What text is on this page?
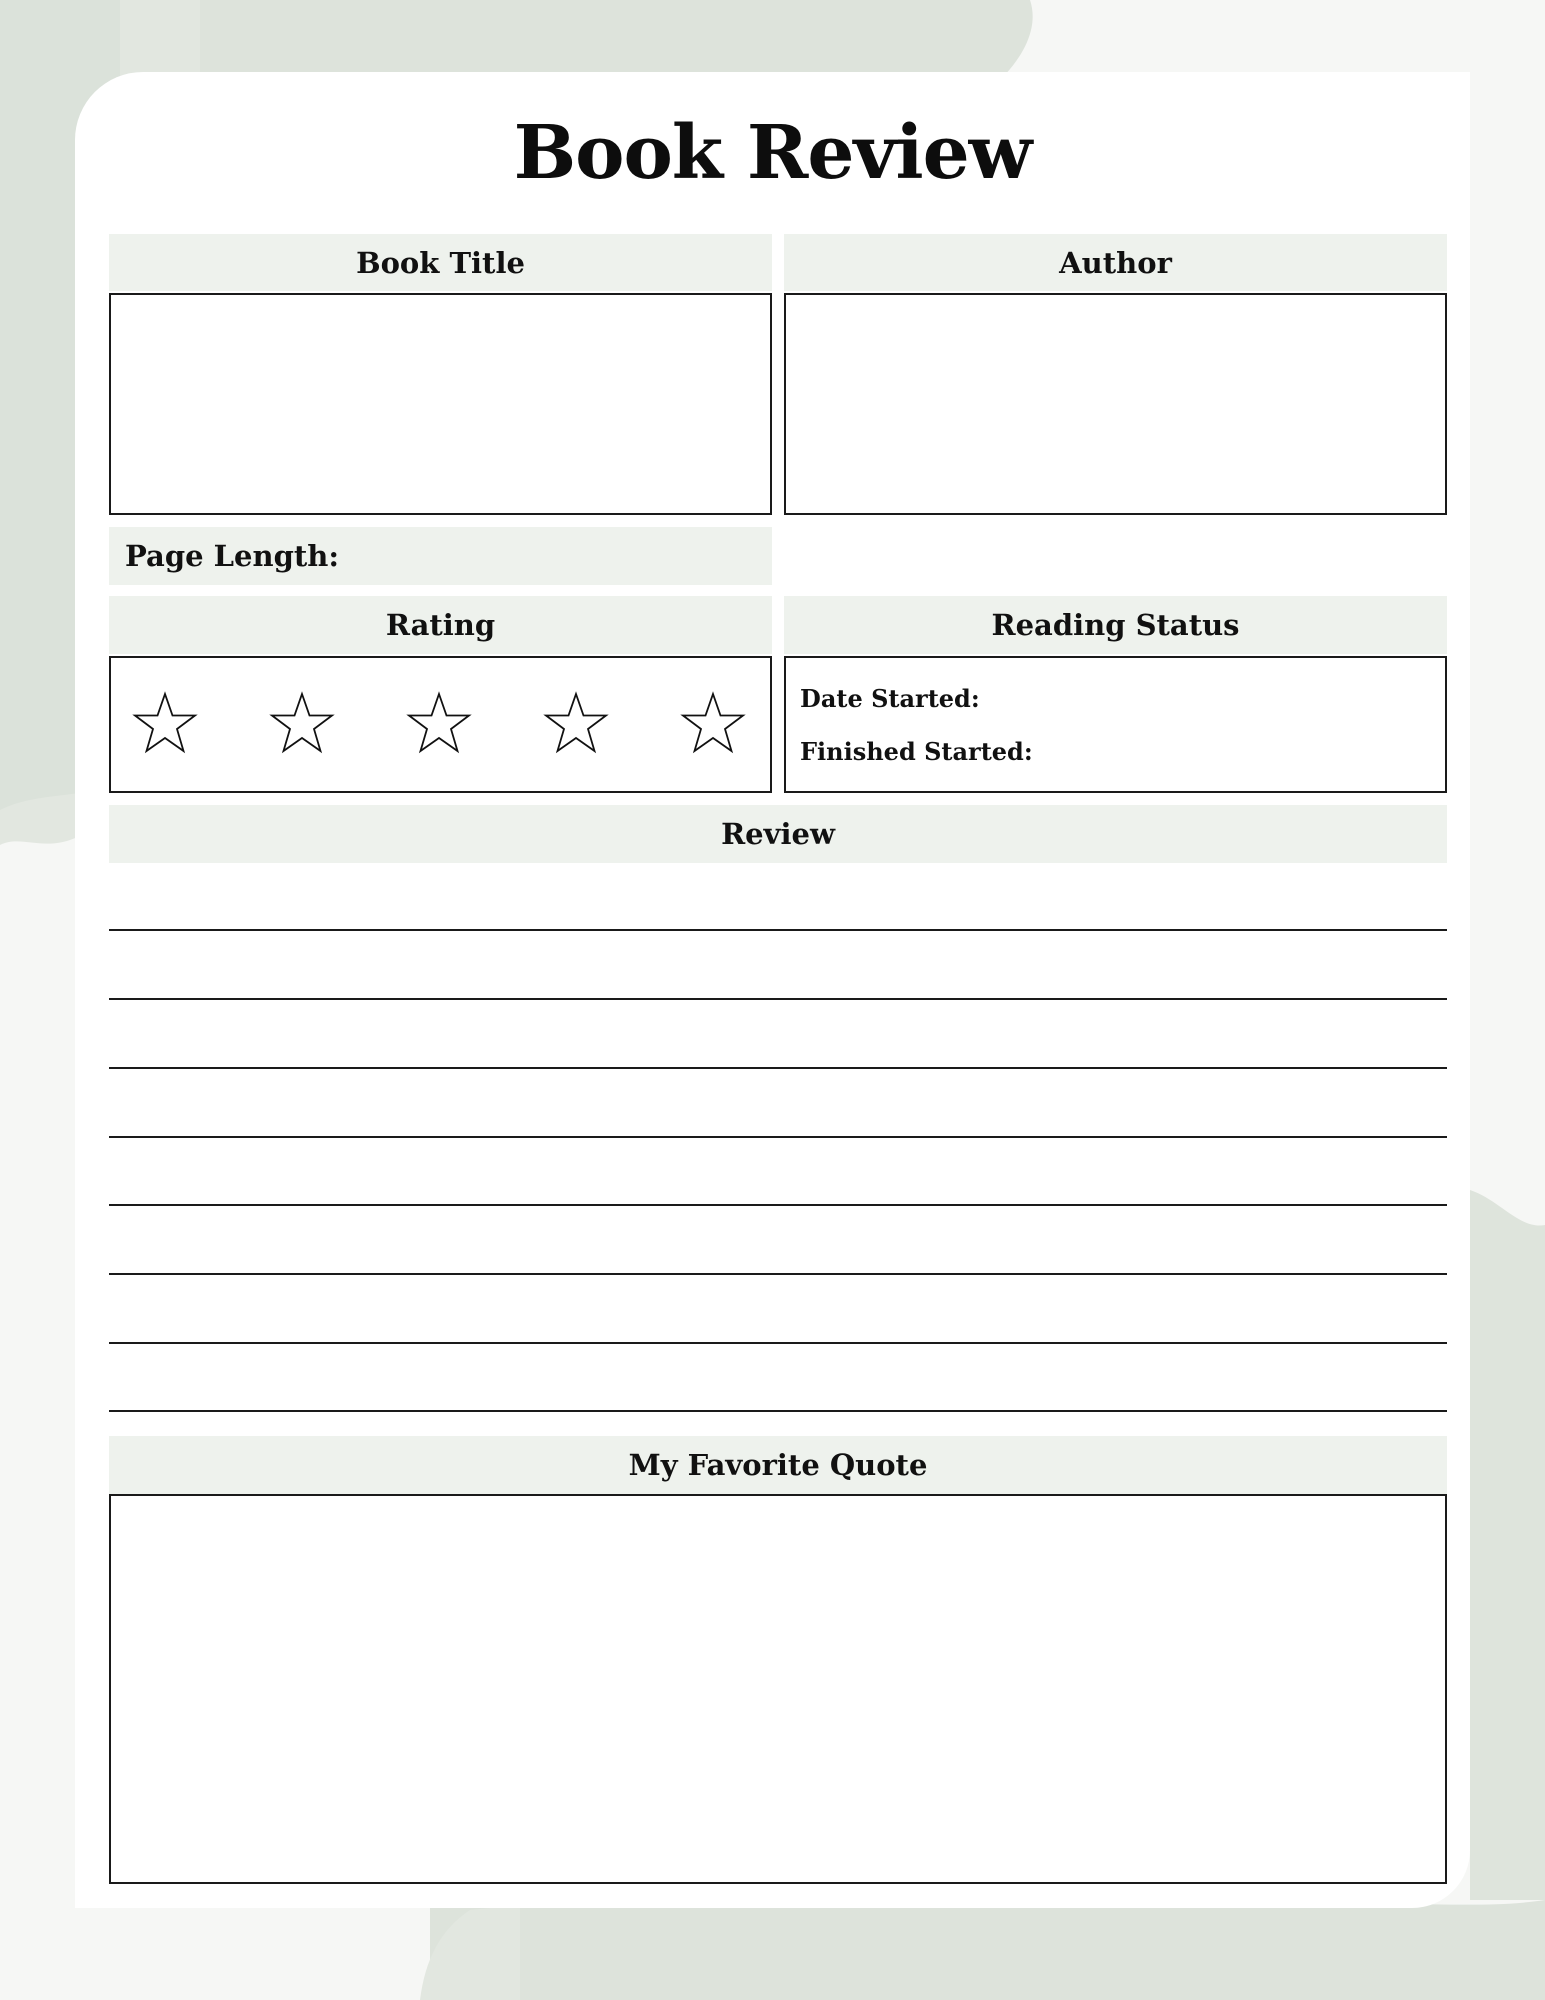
Book Review
Book Title	Author
Page Length:
Rating	Reading Status
Date Started:
Finished Started:
Review
My Favorite Quote
